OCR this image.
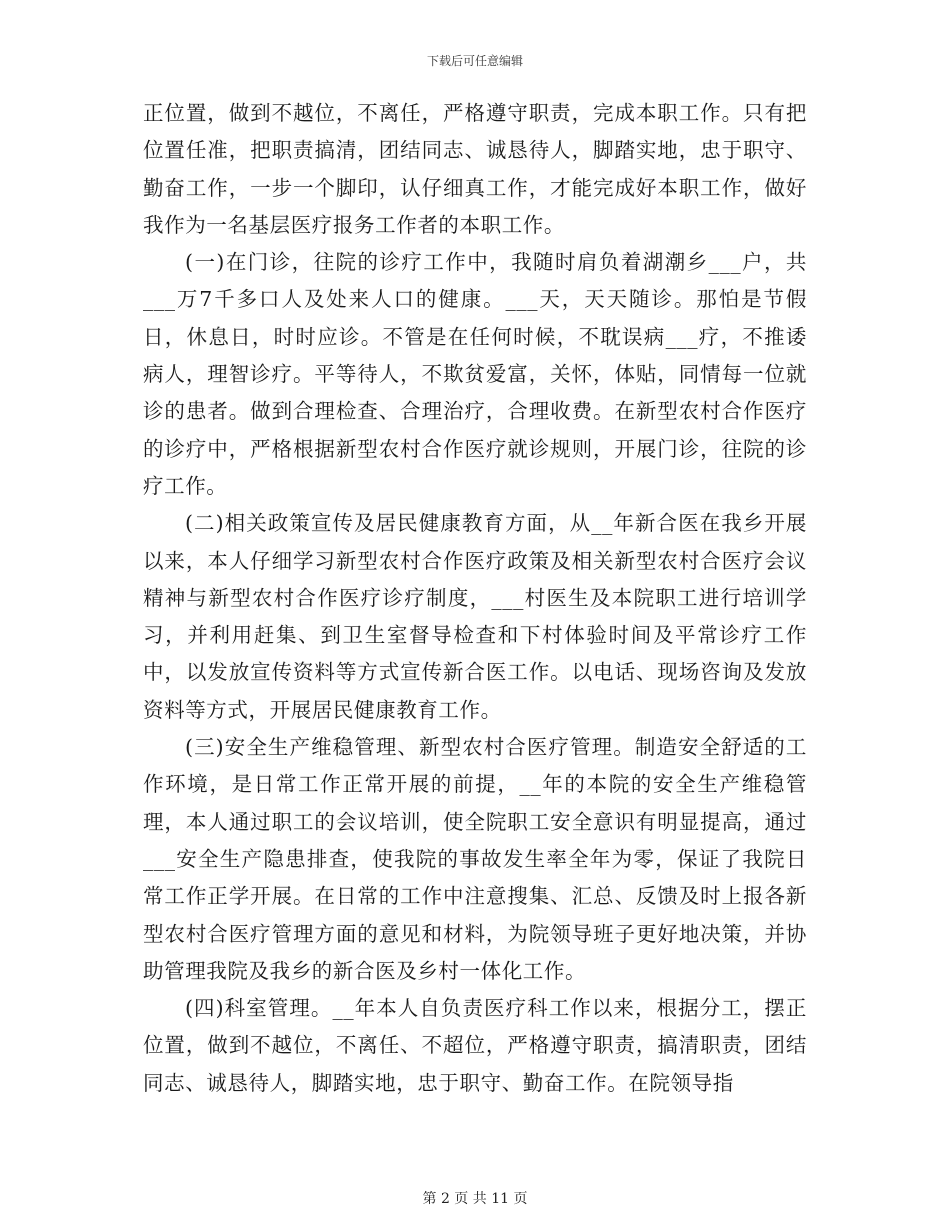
下载后可任意编辑

正位置，做到不越位，不离任，严格遵守职责，完成本职工作。只有把位置任准，把职责搞清，团结同志、诚恳待人，脚踏实地，忠于职守、勤奋工作，一步一个脚印，认仔细真工作，才能完成好本职工作，做好我作为一名基层医疗报务工作者的本职工作。

(一)在门诊，往院的诊疗工作中，我随时肩负着湖潮乡___户，共___万7千多口人及处来人口的健康。___天，天天随诊。那怕是节假日，休息日，时时应诊。不管是在任何时候，不耽误病___疗，不推诿病人，理智诊疗。平等待人，不欺贫爱富，关怀，体贴，同情每一位就诊的患者。做到合理检查、合理治疗，合理收费。在新型农村合作医疗的诊疗中，严格根据新型农村合作医疗就诊规则，开展门诊，往院的诊疗工作。

(二)相关政策宣传及居民健康教育方面，从__年新合医在我乡开展以来，本人仔细学习新型农村合作医疗政策及相关新型农村合医疗会议精神与新型农村合作医疗诊疗制度，___村医生及本院职工进行培训学习，并利用赶集、到卫生室督导检查和下村体验时间及平常诊疗工作中，以发放宣传资料等方式宣传新合医工作。以电话、现场咨询及发放资料等方式，开展居民健康教育工作。

(三)安全生产维稳管理、新型农村合医疗管理。制造安全舒适的工作环境，是日常工作正常开展的前提，__年的本院的安全生产维稳管理，本人通过职工的会议培训，使全院职工安全意识有明显提高，通过___安全生产隐患排查，使我院的事故发生率全年为零，保证了我院日常工作正学开展。在日常的工作中注意搜集、汇总、反馈及时上报各新型农村合医疗管理方面的意见和材料，为院领导班子更好地决策，并协助管理我院及我乡的新合医及乡村一体化工作。

(四)科室管理。__年本人自负责医疗科工作以来，根据分工，摆正位置，做到不越位，不离任、不超位，严格遵守职责，搞清职责，团结同志、诚恳待人，脚踏实地，忠于职守、勤奋工作。在院领导指

第 2 页 共 11 页
